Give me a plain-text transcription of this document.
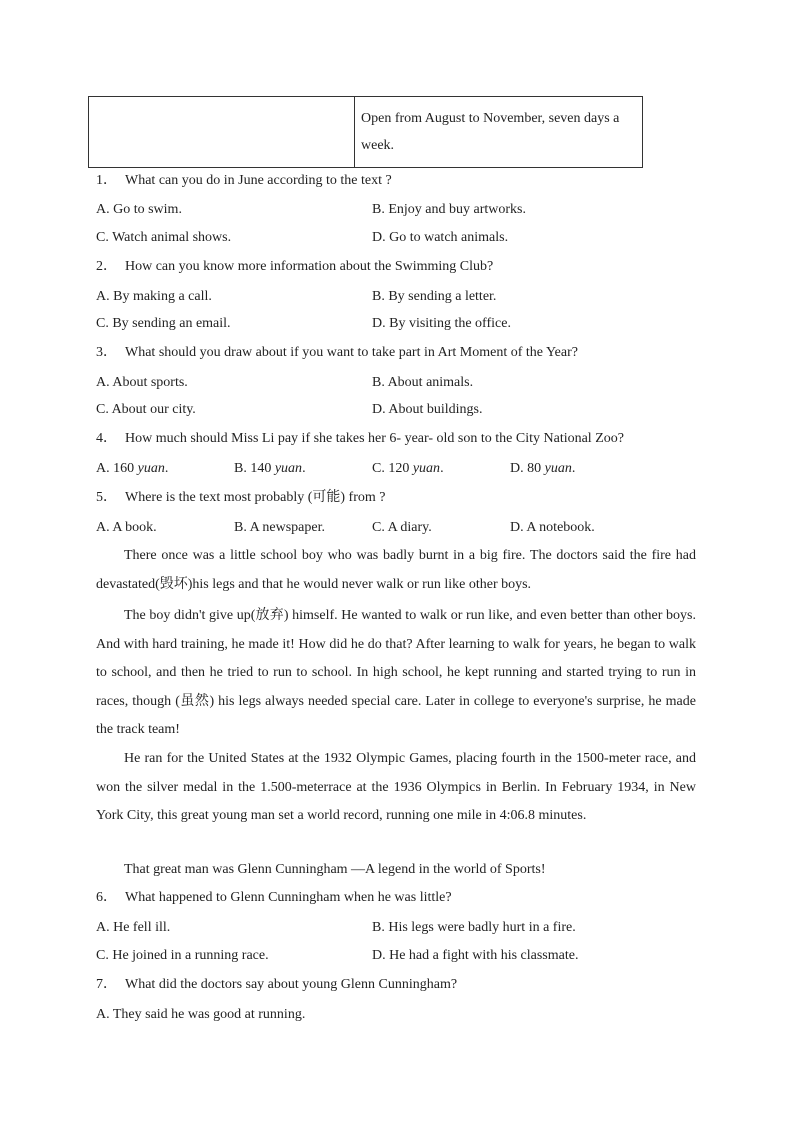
Open from August to November, seven days a week.
1． What can you do in June according to the text ?
A. Go to swim.	B. Enjoy and buy artworks.
C. Watch animal shows.	D. Go to watch animals.
2． How can you know more information about the Swimming Club?
A. By making a call.	B. By sending a letter.
C. By sending an email.	D. By visiting the office.
3． What should you draw about if you want to take part in Art Moment of the Year?
A. About sports.	B. About animals.
C. About our city.	D. About buildings.
4． How much should Miss Li pay if she takes her 6- year- old son to the City National Zoo?
A. 160 yuan.	B. 140 yuan.	C. 120 yuan.	D. 80 yuan.
5． Where is the text most probably (可能) from ?
A. A book.	B. A newspaper.	C. A diary.	D. A notebook.
There once was a little school boy who was badly burnt in a big fire. The doctors said the fire had devastated(毁坏)his legs and that he would never walk or run like other boys.
The boy didn't give up(放弃) himself. He wanted to walk or run like, and even better than other boys. And with hard training, he made it! How did he do that? After learning to walk for years, he began to walk to school, and then he tried to run to school. In high school, he kept running and started trying to run in races, though (虽然) his legs always needed special care. Later in college to everyone's surprise, he made the track team!
He ran for the United States at the 1932 Olympic Games, placing fourth in the 1500-meter race, and won the silver medal in the 1.500-meterrace at the 1936 Olympics in Berlin. In February 1934, in New York City, this great young man set a world record, running one mile in 4:06.8 minutes.
That great man was Glenn Cunningham —A legend in the world of Sports!
6． What happened to Glenn Cunningham when he was little?
A. He fell ill.	B. His legs were badly hurt in a fire.
C. He joined in a running race.	D. He had a fight with his classmate.
7． What did the doctors say about young Glenn Cunningham?
A. They said he was good at running.
